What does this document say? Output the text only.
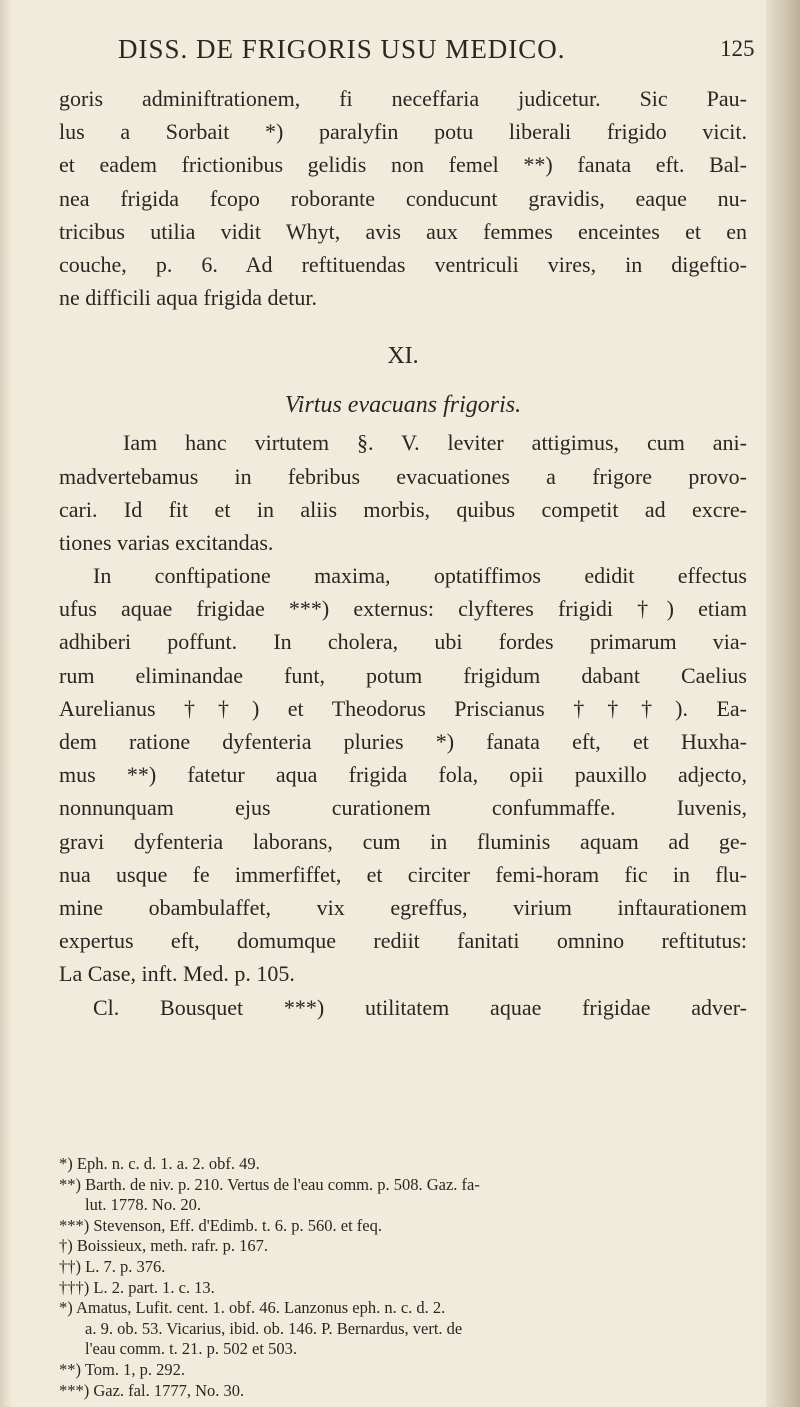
DISS. DE FRIGORIS USU MEDICO.	125
goris adminiftrationem, fi neceffaria judicetur. Sic Pau-
lus a Sorbait *) paralyfin potu liberali frigido vicit.
et eadem frictionibus gelidis non femel **) fanata eft. Bal-
nea frigida fcopo roborante conducunt gravidis, eaque nu-
tricibus utilia vidit Whyt, avis aux femmes enceintes et en
couche, p. 6. Ad reftituendas ventriculi vires, in digeftio-
ne difficili aqua frigida detur.
XI.
Virtus evacuans frigoris.
Iam hanc virtutem §. V. leviter attigimus, cum ani-
madvertebamus in febribus evacuationes a frigore provo-
cari. Id fit et in aliis morbis, quibus competit ad excre-
tiones varias excitandas.
In conftipatione maxima, optatiffimos edidit effectus
ufus aquae frigidae ***) externus: clyfteres frigidi †) etiam
adhiberi poffunt. In cholera, ubi fordes primarum via-
rum eliminandae funt, potum frigidum dabant Caelius
Aurelianus ††) et Theodorus Priscianus †††). Ea-
dem ratione dyfenteria pluries *) fanata eft, et Huxha-
mus **) fatetur aqua frigida fola, opii pauxillo adjecto,
nonnunquam ejus curationem confummaffe. Iuvenis,
gravi dyfenteria laborans, cum in fluminis aquam ad ge-
nua usque fe immerfiffet, et circiter femi-horam fic in flu-
mine obambulaffet, vix egreffus, virium inftaurationem
expertus eft, domumque rediit fanitati omnino reftitutus:
La Case, inft. Med. p. 105.
Cl. Bousquet ***) utilitatem aquae frigidae adver-
*) Eph. n. c. d. 1. a. 2. obf. 49.
**) Barth. de niv. p. 210. Vertus de l'eau comm. p. 508. Gaz. fa-
lut. 1778. No. 20.
***) Stevenson, Eff. d'Edimb. t. 6. p. 560. et feq.
†) Boissieux, meth. rafr. p. 167.
††) L. 7. p. 376.
†††) L. 2. part. 1. c. 13.
*) Amatus, Lufit. cent. 1. obf. 46. Lanzonus eph. n. c. d. 2.
a. 9. ob. 53. Vicarius, ibid. ob. 146. P. Bernardus, vert. de
l'eau comm. t. 21. p. 502 et 503.
**) Tom. 1, p. 292.
***) Gaz. fal. 1777, No. 30.
